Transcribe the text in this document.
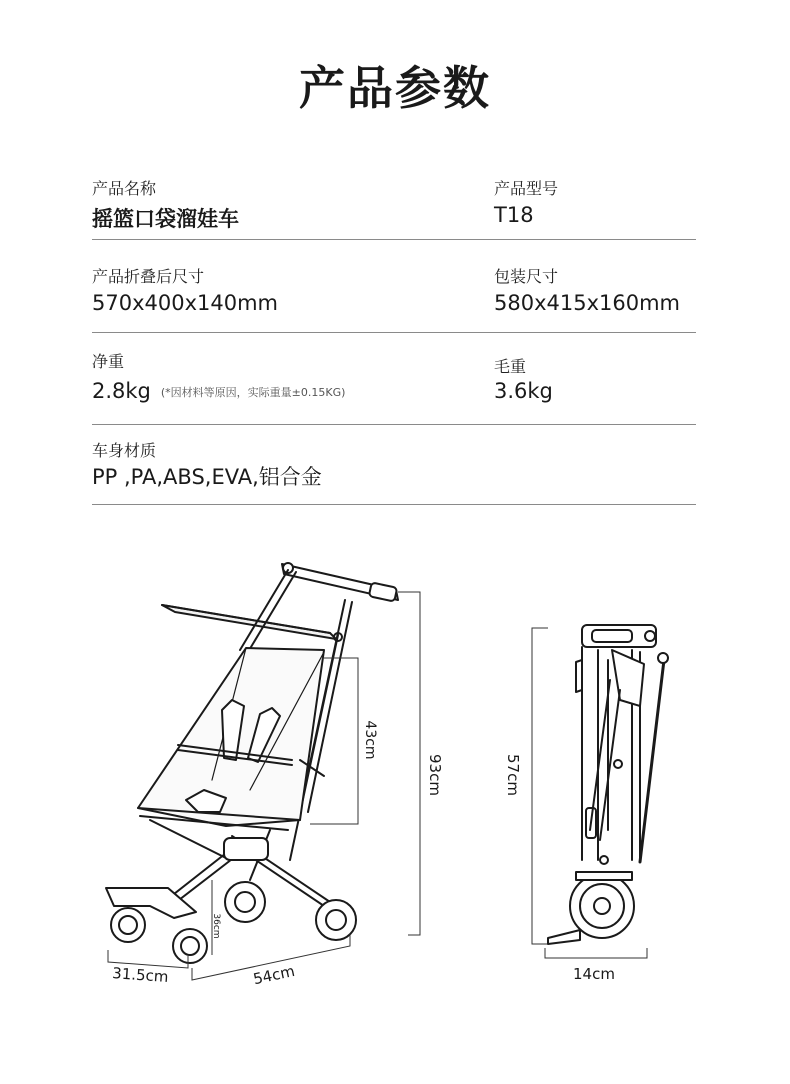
产品参数
产品名称
摇篮口袋溜娃车
产品型号
T18
产品折叠后尺寸
570x400x140mm
包装尺寸
580x415x160mm
净重
2.8kg (*因材料等原因，实际重量±0.15KG)
毛重
3.6kg
车身材质
PP ,PA,ABS,EVA,铝合金
43cm
93cm
36cm
31.5cm	54cm
57cm
14cm
